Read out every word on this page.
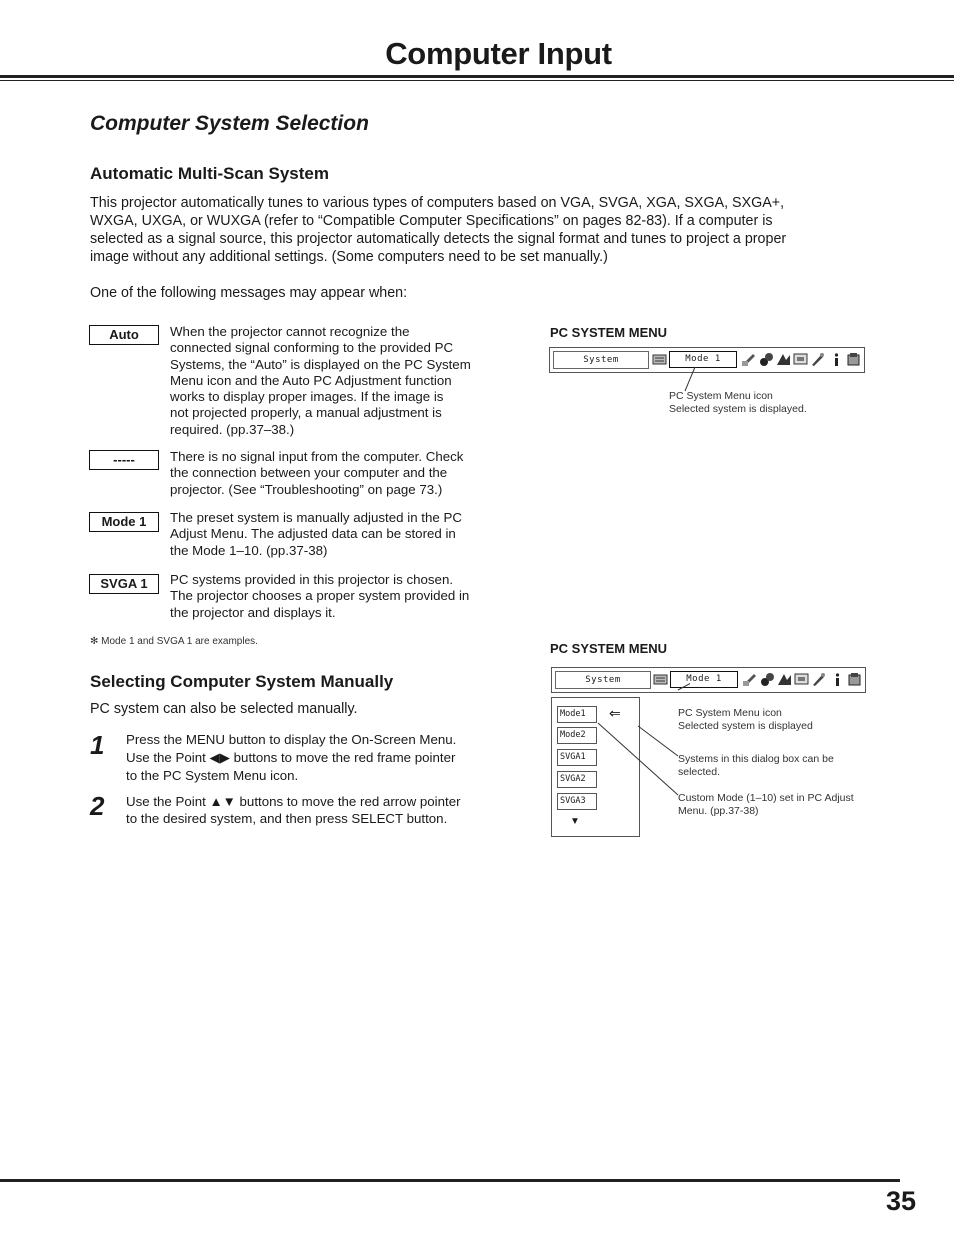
Computer Input
Computer System Selection
Automatic Multi-Scan System

This projector automatically tunes to various types of computers based on VGA, SVGA, XGA, SXGA, SXGA+,

WXGA, UXGA, or WUXGA (refer to “Compatible Computer Specifications” on pages 82-83). If a computer is

selected as a signal source, this projector automatically detects the signal format and tunes to project a proper

image without any additional settings. (Some computers need to be set manually.)

One of the following messages may appear when:

Auto	When the projector cannot recognize the

connected signal conforming to the provided PC

Systems, the “Auto” is displayed on the PC System

Menu icon and the Auto PC Adjustment function

works to display proper images. If the image is

not projected properly, a manual adjustment is

required. (pp.37–38.)

-----	There is no signal input from the computer. Check

the connection between your computer and the

projector. (See “Troubleshooting” on page 73.)

Mode 1	The preset system is manually adjusted in the PC

Adjust Menu. The adjusted data can be stored in

the Mode 1–10. (pp.37-38)

SVGA 1	PC systems provided in this projector is chosen.

The projector chooses a proper system provided in

the projector and displays it.

✻ Mode 1 and SVGA 1 are examples.

PC SYSTEM MENU

System	Mode 1
PC System Menu icon
Selected system is displayed.

PC SYSTEM MENU

System	Mode 1
Mode1	⇐
Mode2
SVGA1
SVGA2
SVGA3
▼
PC System Menu icon
Selected system is displayed
Systems in this dialog box can be
selected.
Custom Mode (1–10) set in PC Adjust
Menu. (pp.37-38)
Selecting Computer System Manually

PC system can also be selected manually.

1 Press the MENU button to display the On-Screen Menu.

Use the Point ◀▶ buttons to move the red frame pointer

to the PC System Menu icon.

2 Use the Point ▲▼ buttons to move the red arrow pointer

to the desired system, and then press SELECT button.

35
